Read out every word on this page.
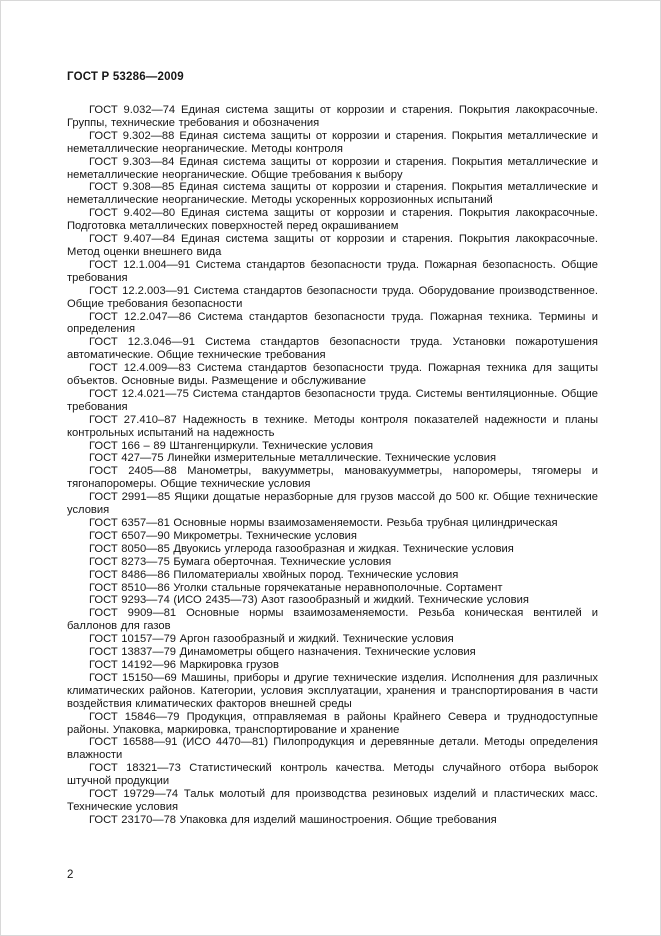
ГОСТ Р 53286—2009

ГОСТ 9.032—74 Единая система защиты от коррозии и старения. Покрытия лакокрасочные. Группы, технические требования и обозначения

ГОСТ 9.302—88 Единая система защиты от коррозии и старения. Покрытия металлические и неметаллические неорганические. Методы контроля

ГОСТ 9.303—84 Единая система защиты от коррозии и старения. Покрытия металлические и неметаллические неорганические. Общие требования к выбору

ГОСТ 9.308—85 Единая система защиты от коррозии и старения. Покрытия металлические и неметаллические неорганические. Методы ускоренных коррозионных испытаний

ГОСТ 9.402—80 Единая система защиты от коррозии и старения. Покрытия лакокрасочные. Подготовка металлических поверхностей перед окрашиванием

ГОСТ 9.407—84 Единая система защиты от коррозии и старения. Покрытия лакокрасочные. Метод оценки внешнего вида

ГОСТ 12.1.004—91 Система стандартов безопасности труда. Пожарная безопасность. Общие требования

ГОСТ 12.2.003—91 Система стандартов безопасности труда. Оборудование производственное. Общие требования безопасности

ГОСТ 12.2.047—86 Система стандартов безопасности труда. Пожарная техника. Термины и определения

ГОСТ 12.3.046—91 Система стандартов безопасности труда. Установки пожаротушения автоматические. Общие технические требования

ГОСТ 12.4.009—83 Система стандартов безопасности труда. Пожарная техника для защиты объектов. Основные виды. Размещение и обслуживание

ГОСТ 12.4.021—75 Система стандартов безопасности труда. Системы вентиляционные. Общие требования

ГОСТ 27.410–87 Надежность в технике. Методы контроля показателей надежности и планы контрольных испытаний на надежность

ГОСТ 166 – 89 Штангенциркули. Технические условия

ГОСТ 427—75 Линейки измерительные металлические. Технические условия

ГОСТ 2405—88 Манометры, вакуумметры, мановакуумметры, напоромеры, тягомеры и тягонапоромеры. Общие технические условия

ГОСТ 2991—85 Ящики дощатые неразборные для грузов массой до 500 кг. Общие технические условия

ГОСТ 6357—81 Основные нормы взаимозаменяемости. Резьба трубная цилиндрическая

ГОСТ 6507—90 Микрометры. Технические условия

ГОСТ 8050—85 Двуокись углерода газообразная и жидкая. Технические условия

ГОСТ 8273—75 Бумага оберточная. Технические условия

ГОСТ 8486—86 Пиломатериалы хвойных пород. Технические условия

ГОСТ 8510—86 Уголки стальные горячекатаные неравнополочные. Сортамент

ГОСТ 9293—74 (ИСО 2435—73) Азот газообразный и жидкий. Технические условия

ГОСТ 9909—81 Основные нормы взаимозаменяемости. Резьба коническая вентилей и баллонов для газов

ГОСТ 10157—79 Аргон газообразный и жидкий. Технические условия

ГОСТ 13837—79 Динамометры общего назначения. Технические условия

ГОСТ 14192—96 Маркировка грузов

ГОСТ 15150—69 Машины, приборы и другие технические изделия. Исполнения для различных климатических районов. Категории, условия эксплуатации, хранения и транспортирования в части воздействия климатических факторов внешней среды

ГОСТ 15846—79 Продукция, отправляемая в районы Крайнего Севера и труднодоступные районы. Упаковка, маркировка, транспортирование и хранение

ГОСТ 16588—91 (ИСО 4470—81) Пилопродукция и деревянные детали. Методы определения влажности

ГОСТ 18321—73 Статистический контроль качества. Методы случайного отбора выборок штучной продукции

ГОСТ 19729—74 Тальк молотый для производства резиновых изделий и пластических масс. Технические условия

ГОСТ 23170—78 Упаковка для изделий машиностроения. Общие требования

2
